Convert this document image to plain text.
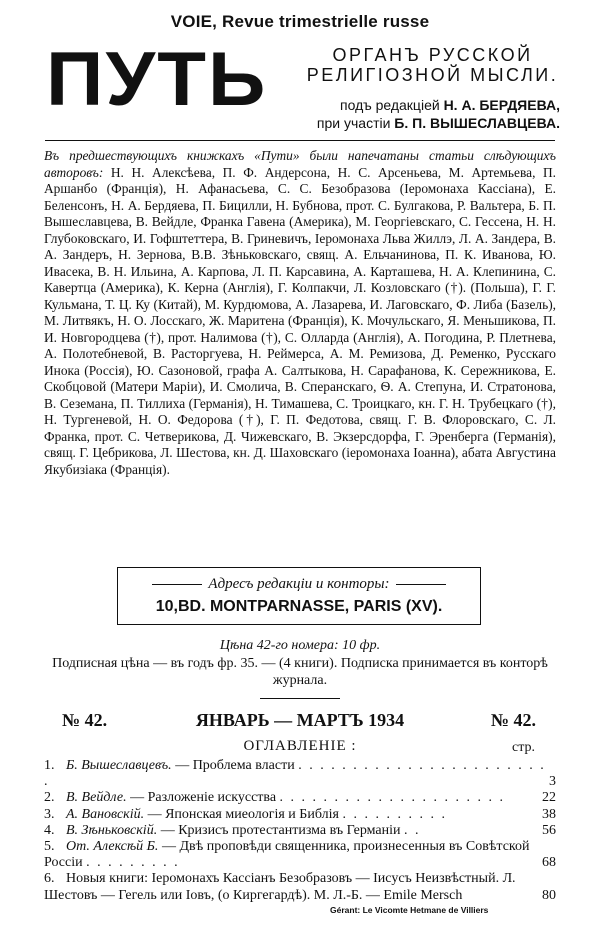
VOIE, Revue trimestrielle russe
ПУТЬ	ОРГАНЪ РУССКОЙ
РЕЛИГIОЗНОЙ МЫСЛИ.
подъ редакцiей Н. А. БЕРДЯЕВА,
при участiи Б. П. ВЫШЕСЛАВЦЕВА.
Въ предшествующихъ книжкахъ «Пути» были напечатаны статьи слѣдующихъ авторовъ: Н. Н. Алексѣева, П. Ф. Андерсона, Н. С. Арсеньева, М. Артемьева, П. Аршанбо (Францiя), Н. Афанасьева, С. С. Безобразова (Iеромонаха Кассiана), Е. Беленсонъ, Н. А. Бердяева, П. Бицилли, Н. Бубнова, прот. С. Булгакова, Р. Вальтера, Б. П. Вышеславцева, В. Вейдле, Франка Гавена (Америка), М. Георгiевскаго, С. Гессена, Н. Н. Глубоковскаго, И. Гофштеттера, В. Гриневичъ, Iеромонаха Льва Жиллэ, Л. А. Зандера, В. А. Зандеръ, Н. Зернова, В.В. Зѣньковскаго, свящ. А. Ельчанинова, П. К. Иванова, Ю. Ивасека, В. Н. Ильина, А. Карпова, Л. П. Карсавина, А. Карташева, Н. А. Клепинина, С. Кавертца (Америка), К. Керна (Англiя), Г. Колпакчи, Л. Козловскаго (†). (Польша), Г. Г. Кульмана, Т. Ц. Ку (Китай), М. Курдюмова, А. Лазарева, И. Лаговскаго, Ф. Либа (Базель), М. Литвякъ, Н. О. Лосскаго, Ж. Маритена (Францiя), К. Мочульскаго, Я. Меньшикова, П. И. Новгородцева (†), прот. Налимова (†), С. Олларда (Англiя), А. Погодина, Р. Плетнева, А. Полотебневой, В. Расторгуева, Н. Реймерса, А. М. Ремизова, Д. Ременко, Русскаго Инока (Россiя), Ю. Сазоновой, графа А. Салтыкова, Н. Сарафанова, К. Сережникова, Е. Скобцовой (Матери Марiи), И. Смолича, В. Сперанскаго, Ѳ. А. Степуна, И. Стратонова, В. Сеземана, П. Тиллиха (Германiя), Н. Тимашева, С. Троицкаго, кн. Г. Н. Трубецкаго (†), Н. Тургеневой, Н. О. Федорова (†), Г. П. Федотова, свящ. Г. В. Флоровскаго, С. Л. Франка, прот. С. Четверикова, Д. Чижевскаго, В. Экзерсдорфа, Г. Эренберга (Германiя), свящ. Г. Цебрикова, Л. Шестова, кн. Д. Шаховскаго (iеромонаха Iоанна), абата Августина Якубизiака (Францiя).
Адресъ редакцiи и конторы:
10,BD. MONTPARNASSE, PARIS (XV).
Цѣна 42-го номера: 10 фр.
Подписная цѣна — въ годъ фр. 35. — (4 книги). Подписка принимается въ конторѣ журнала.
№ 42.	ЯНВАРЬ — МАРТЪ 1934	№ 42.
ОГЛАВЛЕНIЕ :	стр.
1. Б. Вышеславцевъ. — Проблема власти . . . . . . . . . . . . . . . . . . . . . . . .	3
2. В. Вейдле. — Разложенiе искусства . . . . . . . . . . . . . . . . . . . . .	22
3. А. Вановскiй. — Японская миеологiя и Библiя . . . . . . . . . .	38
4. В. Зѣньковскiй. — Кризисъ протестантизма въ Германiи . .	56
5. От. Алексѣй Б. — Двѣ проповѣди священника, произнесенныя въ Совѣтской Россiи . . . . . . . . .	68
6. Новыя книги: Iеромонахъ Кассiанъ Безобразовъ — Iисусъ Неизвѣстный. Л. Шестовъ — Гегель или Iовъ, (о Киргегардѣ). М. Л.-Б. — Emile Mersch	80
Gérant: Le Vicomte Hetmane de Villiers
